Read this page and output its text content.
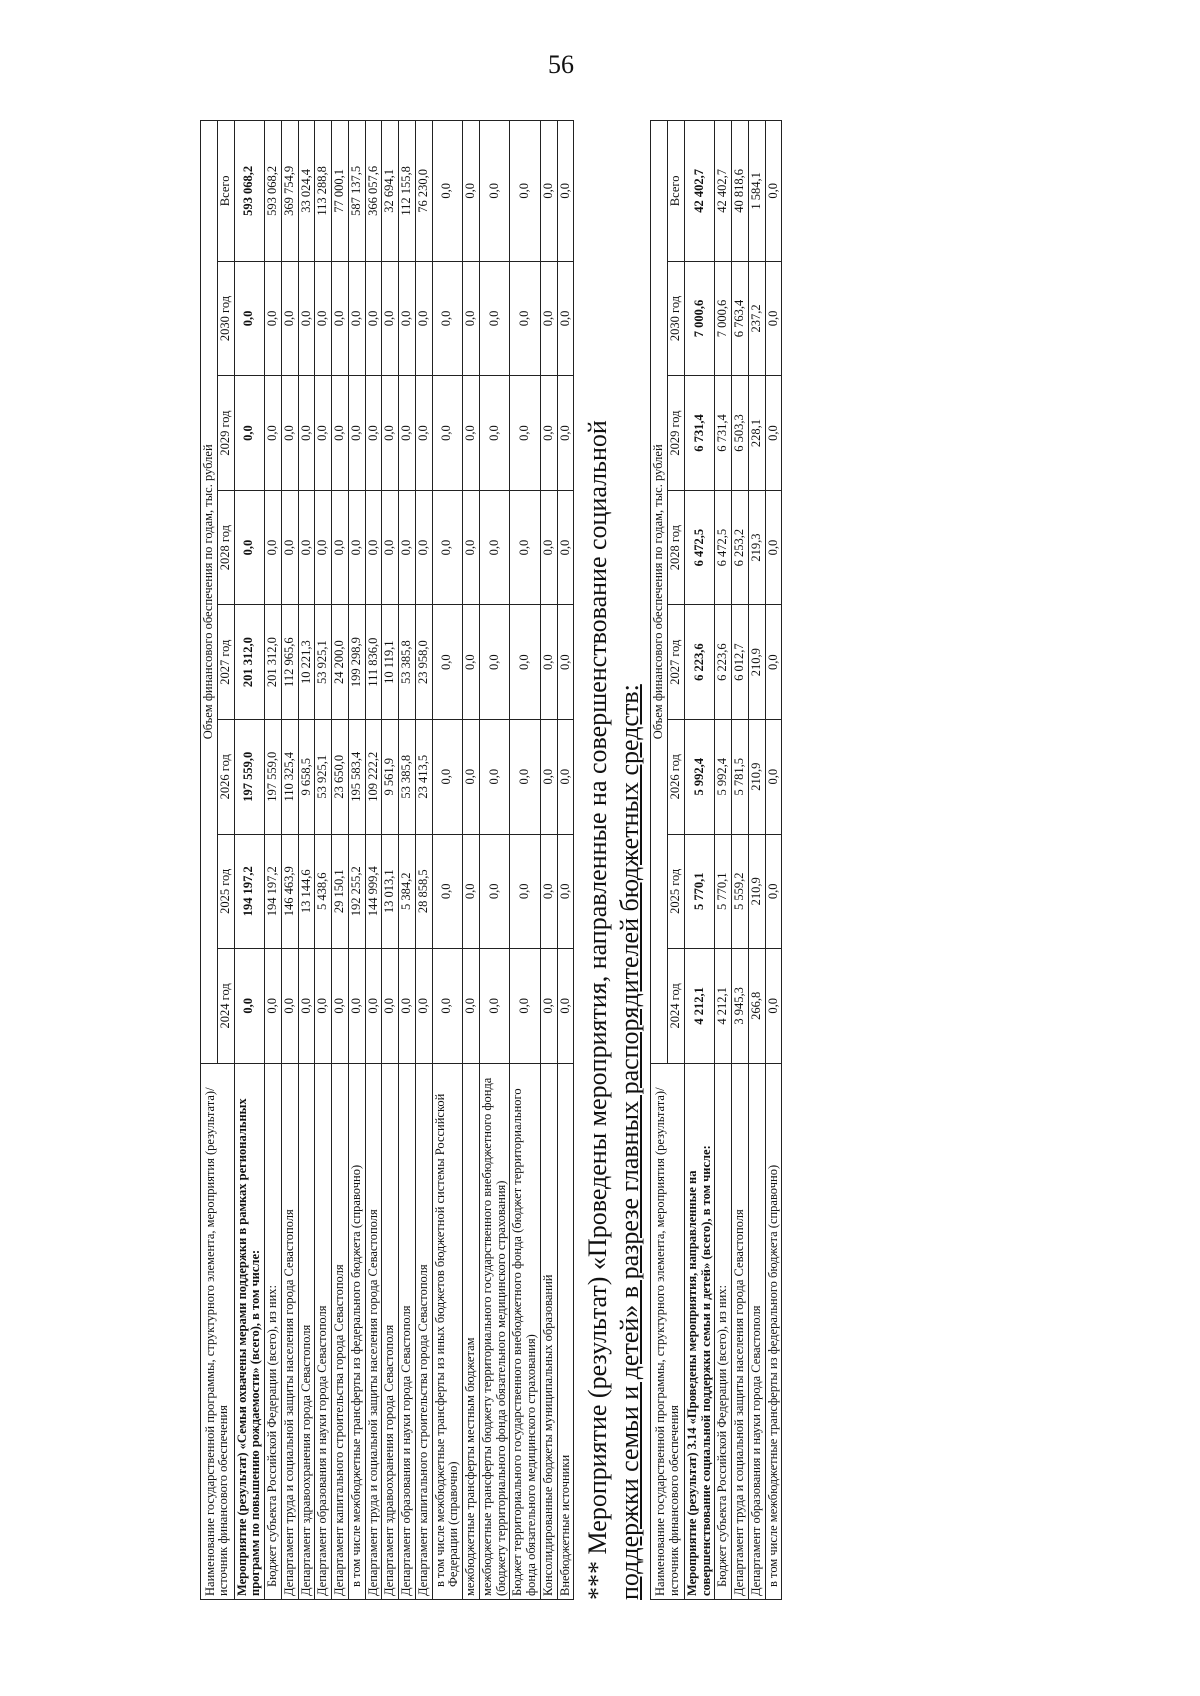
56
Наименование государственной программы, структурного элемента, мероприятия (результата)/источник финансового обеспечения	Объем финансового обеспечения по годам, тыс. рублей							
	2024 год	2025 год	2026 год	2027 год	2028 год	2029 год	2030 год	Всего
Мероприятие (результат) «Семьи охвачены мерами поддержки в рамках региональных программ по повышению рождаемости» (всего), в том числе:	0,0	194 197,2	197 559,0	201 312,0	0,0	0,0	0,0	593 068,2
Бюджет субъекта Российской Федерации (всего), из них:	0,0	194 197,2	197 559,0	201 312,0	0,0	0,0	0,0	593 068,2
Департамент труда и социальной защиты населения города Севастополя	0,0	146 463,9	110 325,4	112 965,6	0,0	0,0	0,0	369 754,9
Департамент здравоохранения города Севастополя	0,0	13 144,6	9 658,5	10 221,3	0,0	0,0	0,0	33 024,4
Департамент образования и науки города Севастополя	0,0	5 438,6	53 925,1	53 925,1	0,0	0,0	0,0	113 288,8
Департамент капитального строительства города Севастополя	0,0	29 150,1	23 650,0	24 200,0	0,0	0,0	0,0	77 000,1
в том числе межбюджетные трансферты из федерального бюджета (справочно)	0,0	192 255,2	195 583,4	199 298,9	0,0	0,0	0,0	587 137,5
Департамент труда и социальной защиты населения города Севастополя	0,0	144 999,4	109 222,2	111 836,0	0,0	0,0	0,0	366 057,6
Департамент здравоохранения города Севастополя	0,0	13 013,1	9 561,9	10 119,1	0,0	0,0	0,0	32 694,1
Департамент образования и науки города Севастополя	0,0	5 384,2	53 385,8	53 385,8	0,0	0,0	0,0	112 155,8
Департамент капитального строительства города Севастополя	0,0	28 858,5	23 413,5	23 958,0	0,0	0,0	0,0	76 230,0
в том числе межбюджетные трансферты из иных бюджетов бюджетной системы Российской Федерации (справочно)	0,0	0,0	0,0	0,0	0,0	0,0	0,0	0,0
межбюджетные трансферты местным бюджетам	0,0	0,0	0,0	0,0	0,0	0,0	0,0	0,0
межбюджетные трансферты бюджету территориального государственного внебюджетного фонда (бюджету территориального фонда обязательного медицинского страхования)	0,0	0,0	0,0	0,0	0,0	0,0	0,0	0,0
Бюджет территориального государственного внебюджетного фонда (бюджет территориального фонда обязательного медицинского страхования)	0,0	0,0	0,0	0,0	0,0	0,0	0,0	0,0
Консолидированные бюджеты муниципальных образований	0,0	0,0	0,0	0,0	0,0	0,0	0,0	0,0
Внебюджетные источники	0,0	0,0	0,0	0,0	0,0	0,0	0,0	0,0
*** Мероприятие (результат) «Проведены мероприятия, направленные на совершенствование социальной поддержки семьи и детей» в разрезе главных распорядителей бюджетных средств: Наименование государственной программы, структурного элемента, мероприятия (результата)/источник финансового обеспечения	Объем финансового обеспечения по годам, тыс. рублей							
	2024 год	2025 год	2026 год	2027 год	2028 год	2029 год	2030 год	Всего
Мероприятие (результат) 3.14 «Проведены мероприятия, направленные на совершенствование социальной поддержки семьи и детей» (всего), в том числе:	4 212,1	5 770,1	5 992,4	6 223,6	6 472,5	6 731,4	7 000,6	42 402,7
Бюджет субъекта Российской Федерации (всего), из них:	4 212,1	5 770,1	5 992,4	6 223,6	6 472,5	6 731,4	7 000,6	42 402,7
Департамент труда и социальной защиты населения города Севастополя	3 945,3	5 559,2	5 781,5	6 012,7	6 253,2	6 503,3	6 763,4	40 818,6
Департамент образования и науки города Севастополя	266,8	210,9	210,9	210,9	219,3	228,1	237,2	1 584,1
в том числе межбюджетные трансферты из федерального бюджета (справочно)	0,0	0,0	0,0	0,0	0,0	0,0	0,0	0,0
